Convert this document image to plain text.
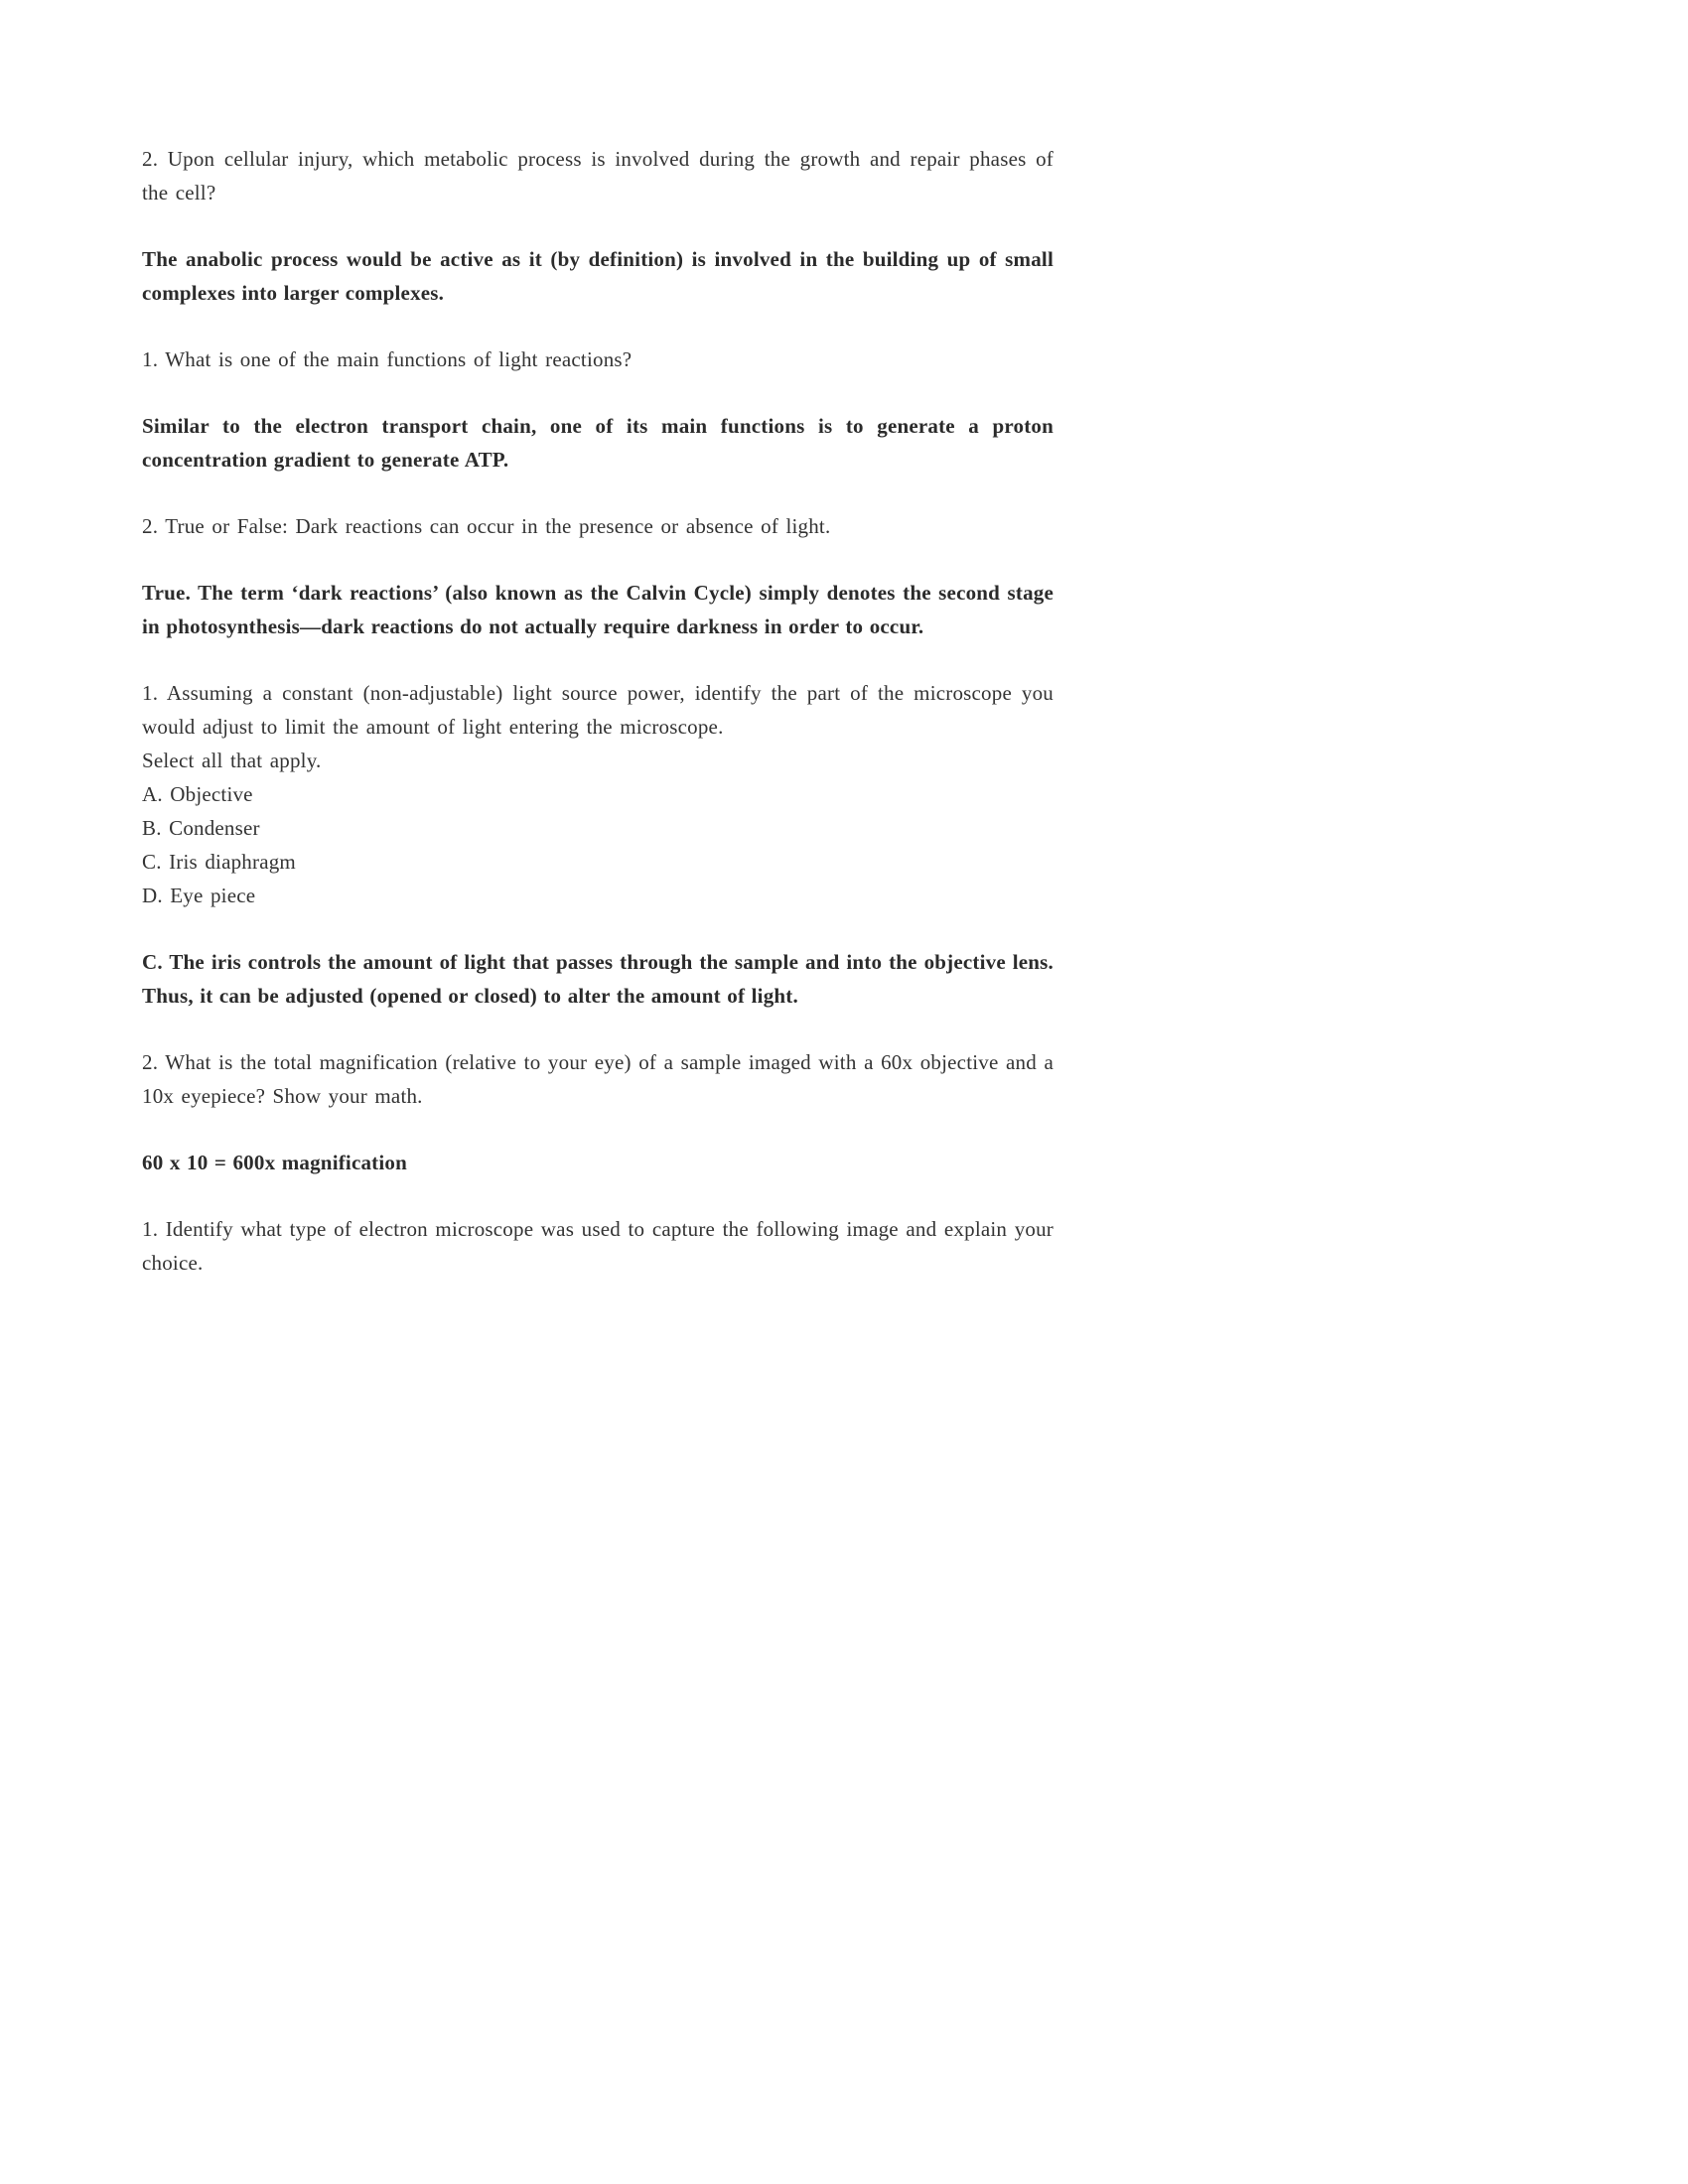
2. Upon cellular injury, which metabolic process is involved during the growth and repair phases of the cell?
The anabolic process would be active as it (by definition) is involved in the building up of small complexes into larger complexes.
1. What is one of the main functions of light reactions?
Similar to the electron transport chain, one of its main functions is to generate a proton concentration gradient to generate ATP.
2. True or False: Dark reactions can occur in the presence or absence of light.
True. The term ‘dark reactions’ (also known as the Calvin Cycle) simply denotes the second stage in photosynthesis—dark reactions do not actually require darkness in order to occur.
1. Assuming a constant (non-adjustable) light source power, identify the part of the microscope you would adjust to limit the amount of light entering the microscope.
Select all that apply.
A. Objective
B. Condenser
C. Iris diaphragm
D. Eye piece
C. The iris controls the amount of light that passes through the sample and into the objective lens. Thus, it can be adjusted (opened or closed) to alter the amount of light.
2. What is the total magnification (relative to your eye) of a sample imaged with a 60x objective and a 10x eyepiece? Show your math.
60 x 10 = 600x magnification
1. Identify what type of electron microscope was used to capture the following image and explain your choice.
